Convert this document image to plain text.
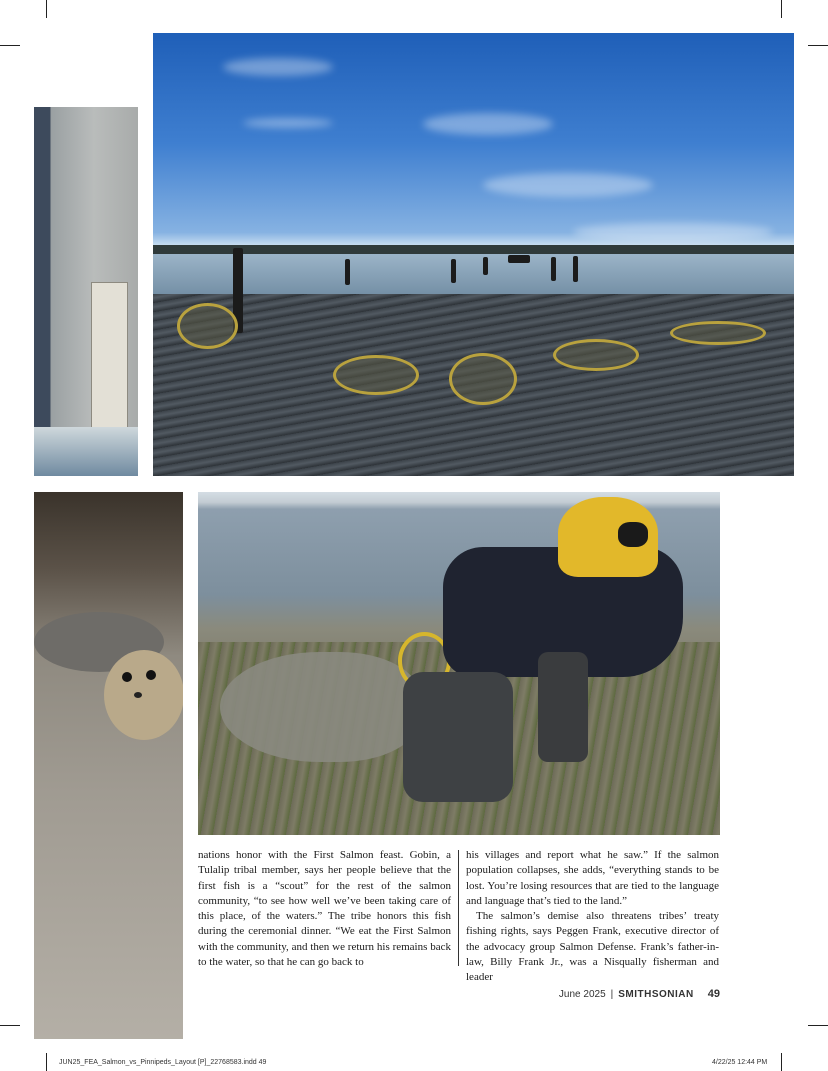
nations honor with the First Salmon feast. Gobin, a Tulalip tribal member, says her people believe that the first fish is a “scout” for the rest of the salmon community, “to see how well we’ve been taking care of this place, of the waters.” The tribe honors this fish during the ceremonial dinner. “We eat the First Salmon with the community, and then we return his remains back to the water, so that he can go back to

his villages and report what he saw.” If the salmon population collapses, she adds, “everything stands to be lost. You’re losing resources that are tied to the language and language that’s tied to the land.”

The salmon’s demise also threatens tribes’ treaty fishing rights, says Peggen Frank, executive director of the advocacy group Salmon Defense. Frank’s father-in-law, Billy Frank Jr., was a Nisqually fisherman and leader

June 2025 | SMITHSONIAN 49
JUN25_FEA_Salmon_vs_Pinnipeds_Layout [P]_22768583.indd 49	4/22/25 12:44 PM
